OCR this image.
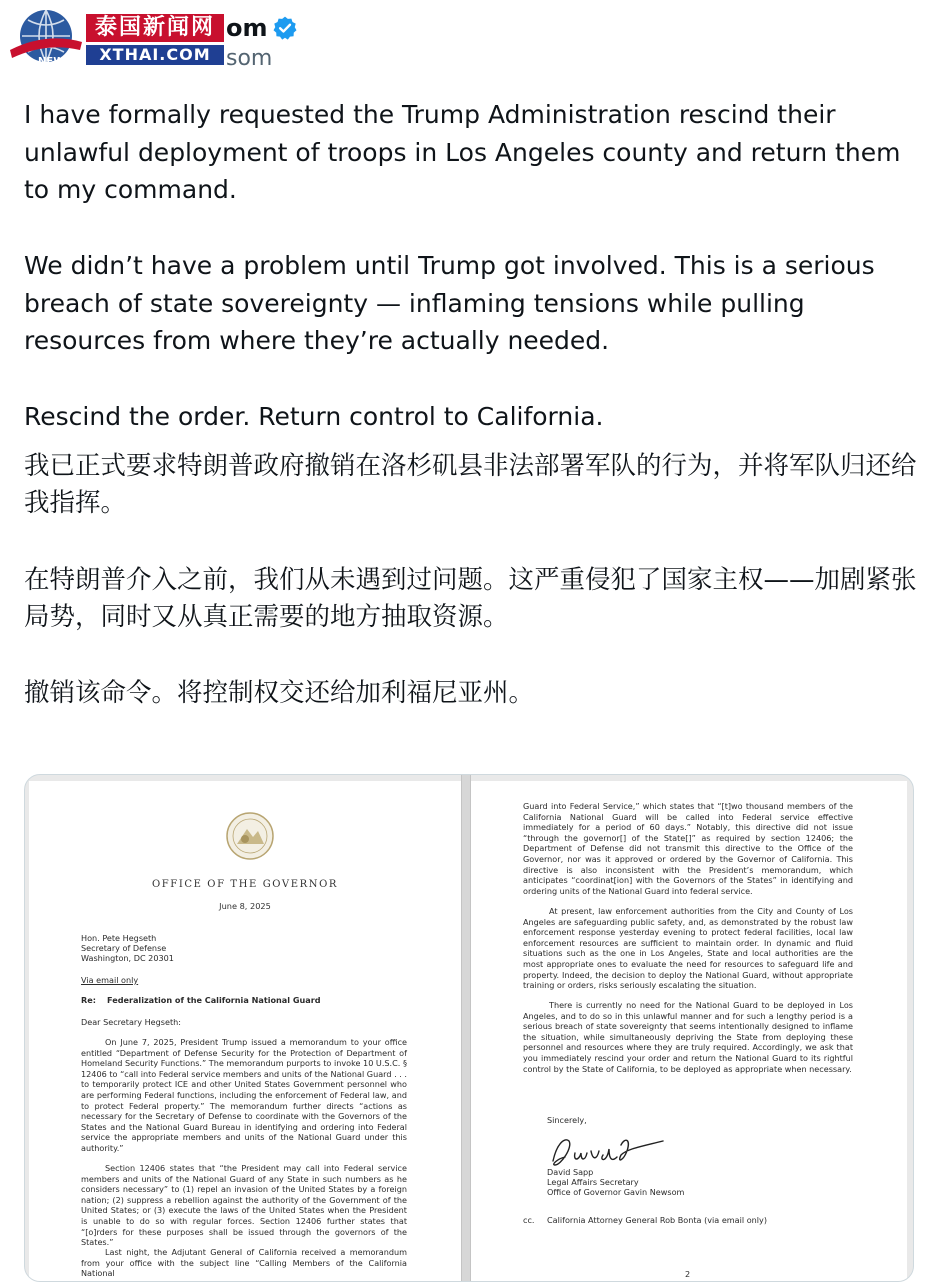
NEWS
泰国新闻网
XTHAI.COM
om
som

I have formally requested the Trump Administration rescind their unlawful deployment of troops in Los Angeles county and return them to my command.

We didn’t have a problem until Trump got involved. This is a serious breach of state sovereignty — inflaming tensions while pulling resources from where they’re actually needed.

Rescind the order. Return control to California.

我已正式要求特朗普政府撤销在洛杉矶县非法部署军队的行为，并将军队归还给我指挥。

在特朗普介入之前，我们从未遇到过问题。这严重侵犯了国家主权——加剧紧张局势，同时又从真正需要的地方抽取资源。

撤销该命令。将控制权交还给加利福尼亚州。

OFFICE OF THE GOVERNOR
June 8, 2025
Hon. Pete Hegseth
Secretary of Defense
Washington, DC 20301
Via email only
Re: Federalization of the California National Guard
Dear Secretary Hegseth:

On June 7, 2025, President Trump issued a memorandum to your office entitled “Department of Defense Security for the Protection of Department of Homeland Security Functions.” The memorandum purports to invoke 10 U.S.C. § 12406 to “call into Federal service members and units of the National Guard . . . to temporarily protect ICE and other United States Government personnel who are performing Federal functions, including the enforcement of Federal law, and to protect Federal property.” The memorandum further directs “actions as necessary for the Secretary of Defense to coordinate with the Governors of the States and the National Guard Bureau in identifying and ordering into Federal service the appropriate members and units of the National Guard under this authority.”

Section 12406 states that “the President may call into Federal service members and units of the National Guard of any State in such numbers as he considers necessary” to (1) repel an invasion of the United States by a foreign nation; (2) suppress a rebellion against the authority of the Government of the United States; or (3) execute the laws of the United States when the President is unable to do so with regular forces. Section 12406 further states that “[o]rders for these purposes shall be issued through the governors of the States.”

Last night, the Adjutant General of California received a memorandum from your office with the subject line “Calling Members of the California National

Guard into Federal Service,” which states that “[t]wo thousand members of the California National Guard will be called into Federal service effective immediately for a period of 60 days.” Notably, this directive did not issue “through the governor[] of the State[]” as required by section 12406; the Department of Defense did not transmit this directive to the Office of the Governor, nor was it approved or ordered by the Governor of California. This directive is also inconsistent with the President’s memorandum, which anticipates “coordinat[ion] with the Governors of the States” in identifying and ordering units of the National Guard into federal service.

At present, law enforcement authorities from the City and County of Los Angeles are safeguarding public safety, and, as demonstrated by the robust law enforcement response yesterday evening to protect federal facilities, local law enforcement resources are sufficient to maintain order. In dynamic and fluid situations such as the one in Los Angeles, State and local authorities are the most appropriate ones to evaluate the need for resources to safeguard life and property. Indeed, the decision to deploy the National Guard, without appropriate training or orders, risks seriously escalating the situation.

There is currently no need for the National Guard to be deployed in Los Angeles, and to do so in this unlawful manner and for such a lengthy period is a serious breach of state sovereignty that seems intentionally designed to inflame the situation, while simultaneously depriving the State from deploying these personnel and resources where they are truly required. Accordingly, we ask that you immediately rescind your order and return the National Guard to its rightful control by the State of California, to be deployed as appropriate when necessary.

Sincerely,
David Sapp
Legal Affairs Secretary
Office of Governor Gavin Newsom
cc. California Attorney General Rob Bonta (via email only)
2
